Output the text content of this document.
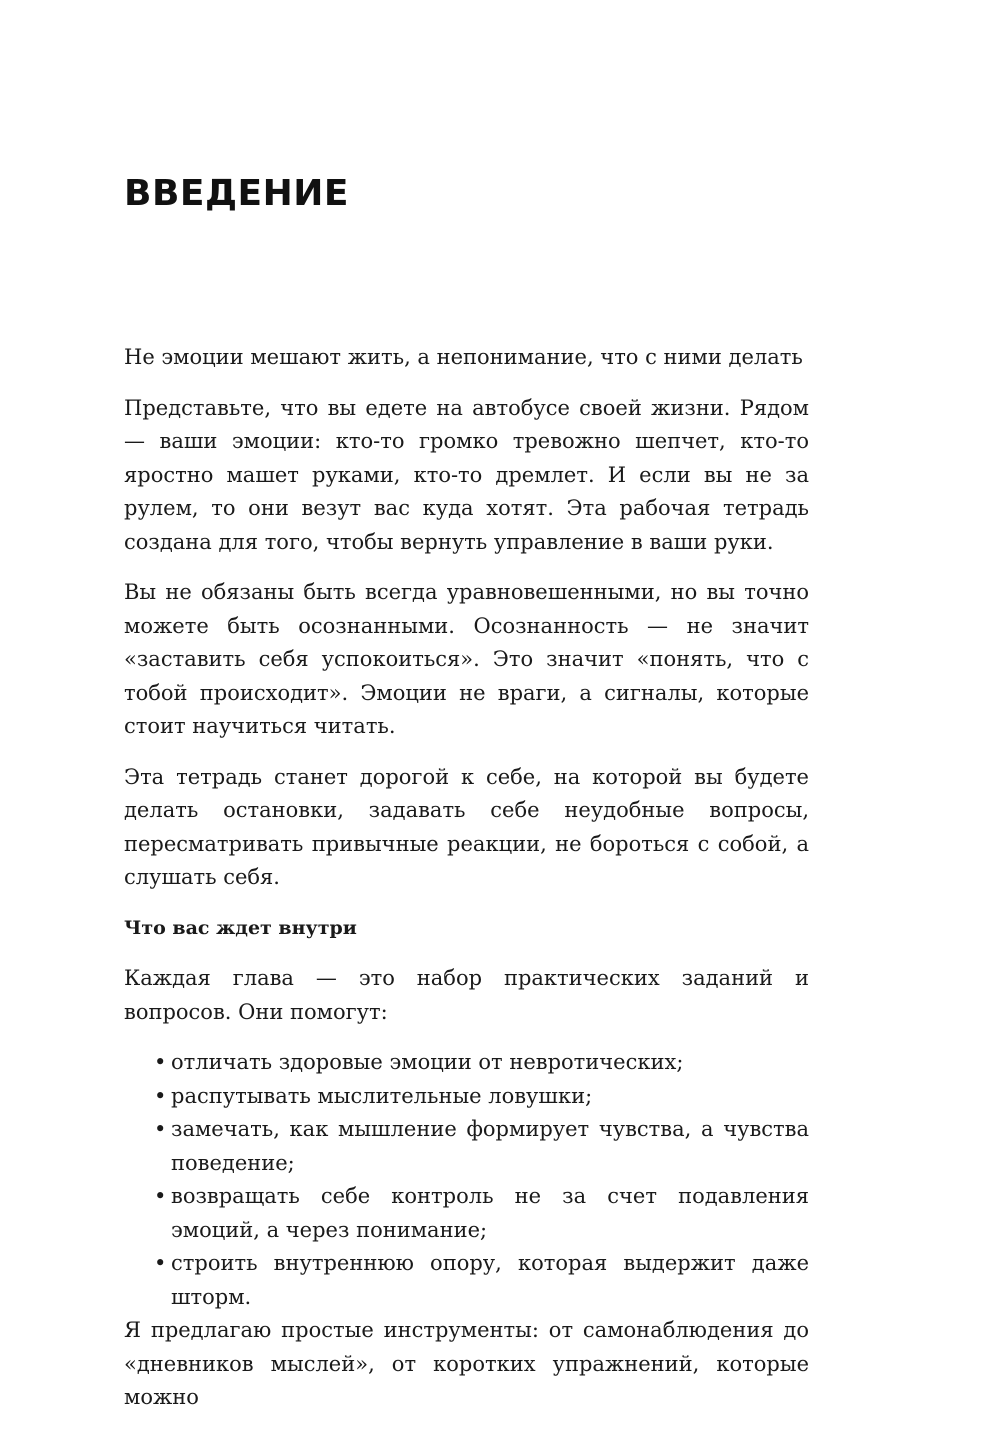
ВВЕДЕНИЕ

Не эмоции мешают жить, а непонимание, что с ними делать

Представьте, что вы едете на автобусе своей жизни. Рядом — ваши эмоции: кто-то громко тревожно шепчет, кто-то яростно машет руками, кто-то дремлет. И если вы не за рулем, то они везут вас куда хотят. Эта рабочая тетрадь создана для того, чтобы вернуть управление в ваши руки.

Вы не обязаны быть всегда уравновешенными, но вы точно можете быть осознанными. Осознанность — не значит «заставить себя успокоиться». Это значит «понять, что с тобой происходит». Эмоции не враги, а сигналы, которые стоит научиться читать.

Эта тетрадь станет дорогой к себе, на которой вы будете делать остановки, задавать себе неудобные вопросы, пересматривать привычные реакции, не бороться с собой, а слушать себя.

Что вас ждет внутри

Каждая глава — это набор практических заданий и вопросов. Они помогут:

• отличать здоровые эмоции от невротических;
• распутывать мыслительные ловушки;
• замечать, как мышление формирует чувства, а чувства поведение;
• возвращать себе контроль не за счет подавления эмоций, а через понимание;
• строить внутреннюю опору, которая выдержит даже шторм.

Я предлагаю простые инструменты: от самонаблюдения до «дневников мыслей», от коротких упражнений, которые можно
